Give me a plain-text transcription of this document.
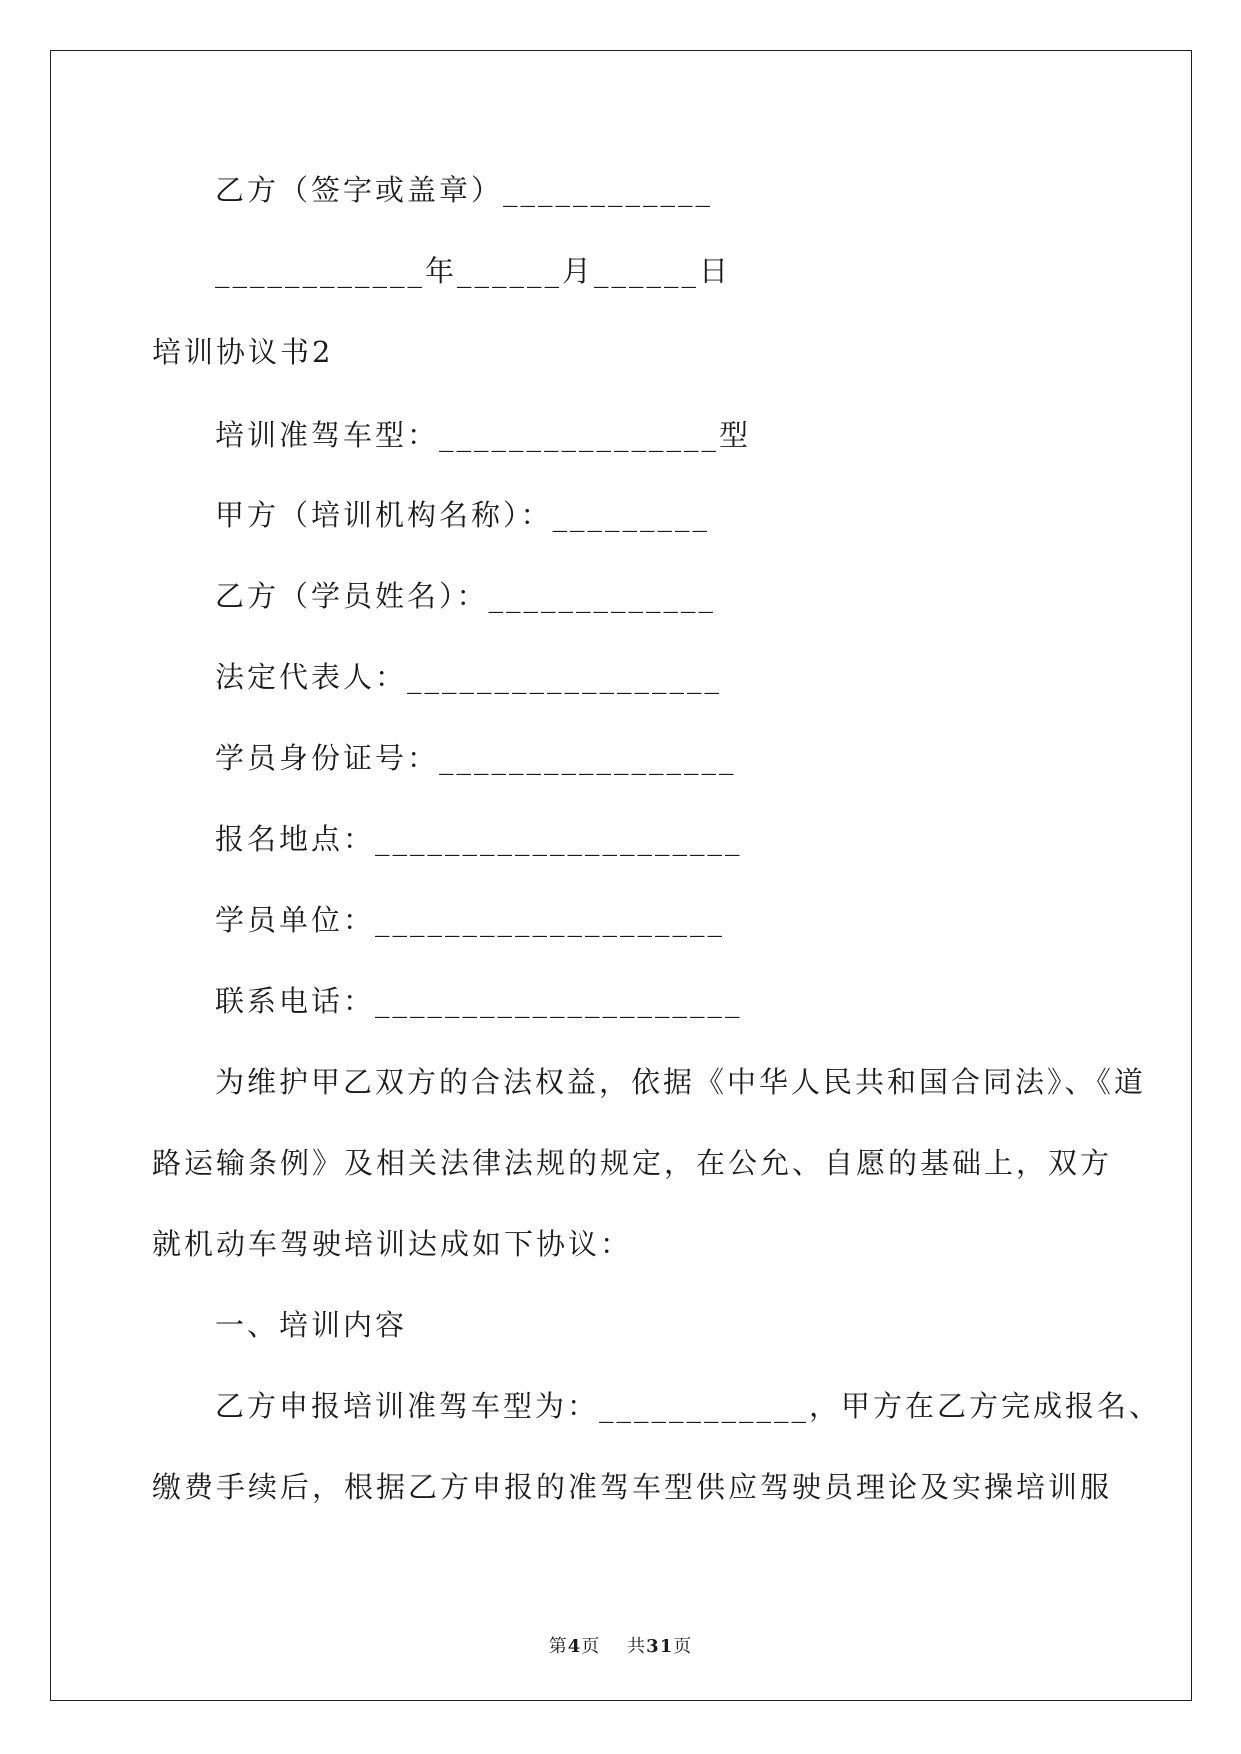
乙方（签字或盖章）____________
____________年______月______日
培训协议书2
培训准驾车型：________________型
甲方（培训机构名称）：_________
乙方（学员姓名）：_____________
法定代表人：__________________
学员身份证号：_________________
报名地点：_____________________
学员单位：____________________
联系电话：_____________________
为维护甲乙双方的合法权益，依据《中华人民共和国合同法》、《道
路运输条例》及相关法律法规的规定，在公允、自愿的基础上，双方
就机动车驾驶培训达成如下协议：
一、培训内容
乙方申报培训准驾车型为：____________，甲方在乙方完成报名、
缴费手续后，根据乙方申报的准驾车型供应驾驶员理论及实操培训服
第4页    共31页
